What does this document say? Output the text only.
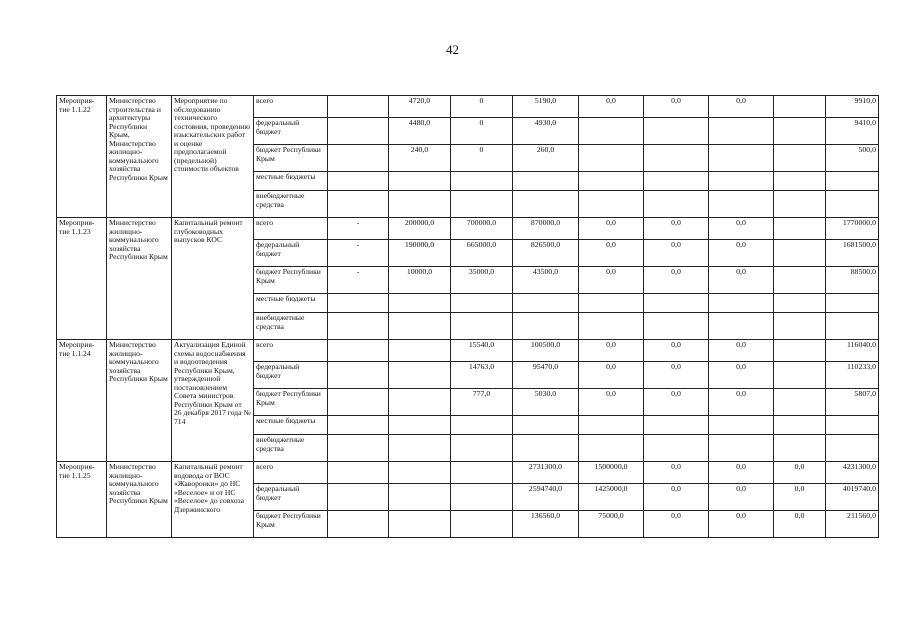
42
Мероприя-тие 1.1.22	Министерство строительства и архитектуры Республики Крым, Министерство жилищно-коммунального хозяйства Республики Крым	Мероприятие по обследованию технического состояния, проведению изыскательских работ и оценке предполагаемой (предельной) стоимости объектов	всего		4720,0	0	5190,0	0,0	0,0	0,0		9910,0
			федеральный бюджет		4480,0	0	4930,0					9410,0
			бюджет Республики Крым		240,0	0	260,0					500,0
			местные бюджеты									
			внебюджетные средства									
Мероприя-тие 1.1.23	Министерство жилищно-коммунального хозяйства Республики Крым	Капитальный ремонт глубоководных выпусков КОС	всего	-	200000,0	700000,0	870000,0	0,0	0,0	0,0		1770000,0
			федеральный бюджет	-	190000,0	665000,0	826500,0	0,0	0,0	0,0		1681500,0
			бюджет Республики Крым	-	10000,0	35000,0	43500,0	0,0	0,0	0,0		88500,0
			местные бюджеты									
			внебюджетные средства									
Мероприя-тие 1.1.24	Министерство жилищно-коммунального хозяйства Республики Крым	Актуализация Единой схемы водоснабжения и водоотведения Республики Крым, утвержденной постановлением Совета министров Республики Крым от 26 декабря 2017 года № 714	всего			15540,0	100500,0	0,0	0,0	0,0		116040,0
			федеральный бюджет			14763,0	95470,0	0,0	0,0	0,0		110233,0
			бюджет Республики Крым			777,0	5030,0	0,0	0,0	0,0		5807,0
			местные бюджеты									
			внебюджетные средства									
Мероприя-тие 1.1.25	Министерство жилищно-коммунального хозяйства Республики Крым	Капитальный ремонт водовода от ВОС «Жаворонки» до НС «Веселое» и от НС «Веселое» до совхоза Дзержинского	всего				2731300,0	1500000,0	0,0	0,0	0,0	4231300,0
			федеральный бюджет				2594740,0	1425000,0	0,0	0,0	0,0	4019740,0
			бюджет Республики Крым				136560,0	75000,0	0,0	0,0	0,0	211560,0
